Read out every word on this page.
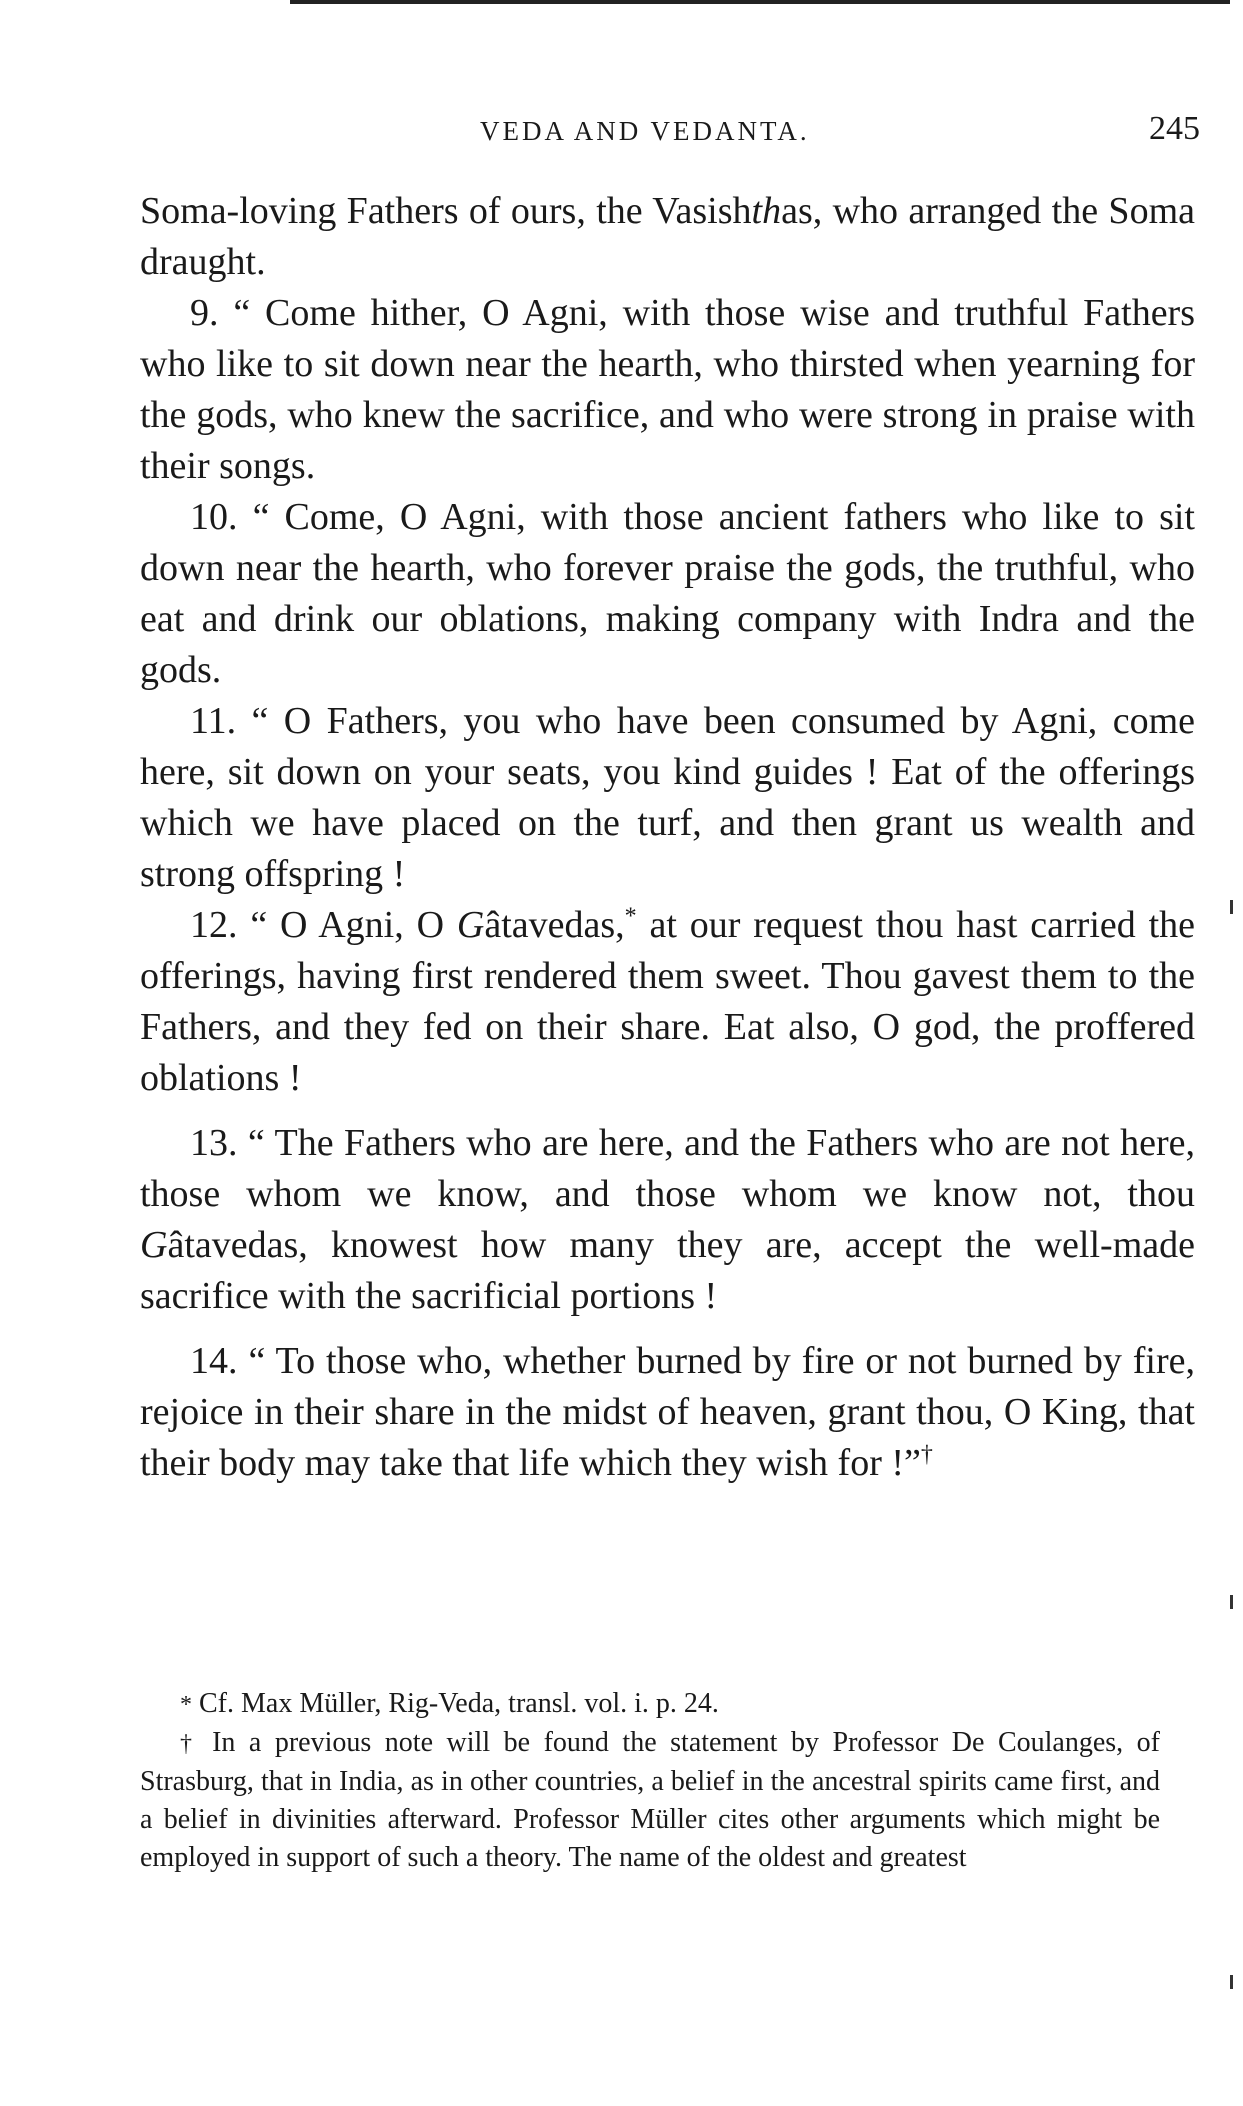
VEDA AND VEDANTA.	245

Soma-loving Fathers of ours, the Vasishthas, who arranged the Soma draught.

9. “ Come hither, O Agni, with those wise and truthful Fathers who like to sit down near the hearth, who thirsted when yearning for the gods, who knew the sacrifice, and who were strong in praise with their songs.

10. “ Come, O Agni, with those ancient fathers who like to sit down near the hearth, who forever praise the gods, the truthful, who eat and drink our oblations, making company with Indra and the gods.

11. “ O Fathers, you who have been consumed by Agni, come here, sit down on your seats, you kind guides ! Eat of the offerings which we have placed on the turf, and then grant us wealth and strong offspring !

12. “ O Agni, O Gâtavedas,* at our request thou hast carried the offerings, having first rendered them sweet. Thou gavest them to the Fathers, and they fed on their share. Eat also, O god, the proffered oblations !

13. “ The Fathers who are here, and the Fathers who are not here, those whom we know, and those whom we know not, thou Gâtavedas, knowest how many they are, accept the well-made sacrifice with the sacrificial portions !

14. “ To those who, whether burned by fire or not burned by fire, rejoice in their share in the midst of heaven, grant thou, O King, that their body may take that life which they wish for !”†

* Cf. Max Müller, Rig-Veda, transl. vol. i. p. 24.

† In a previous note will be found the statement by Professor De Coulanges, of Strasburg, that in India, as in other countries, a belief in the ancestral spirits came first, and a belief in divinities afterward. Professor Müller cites other arguments which might be employed in support of such a theory. The name of the oldest and greatest
